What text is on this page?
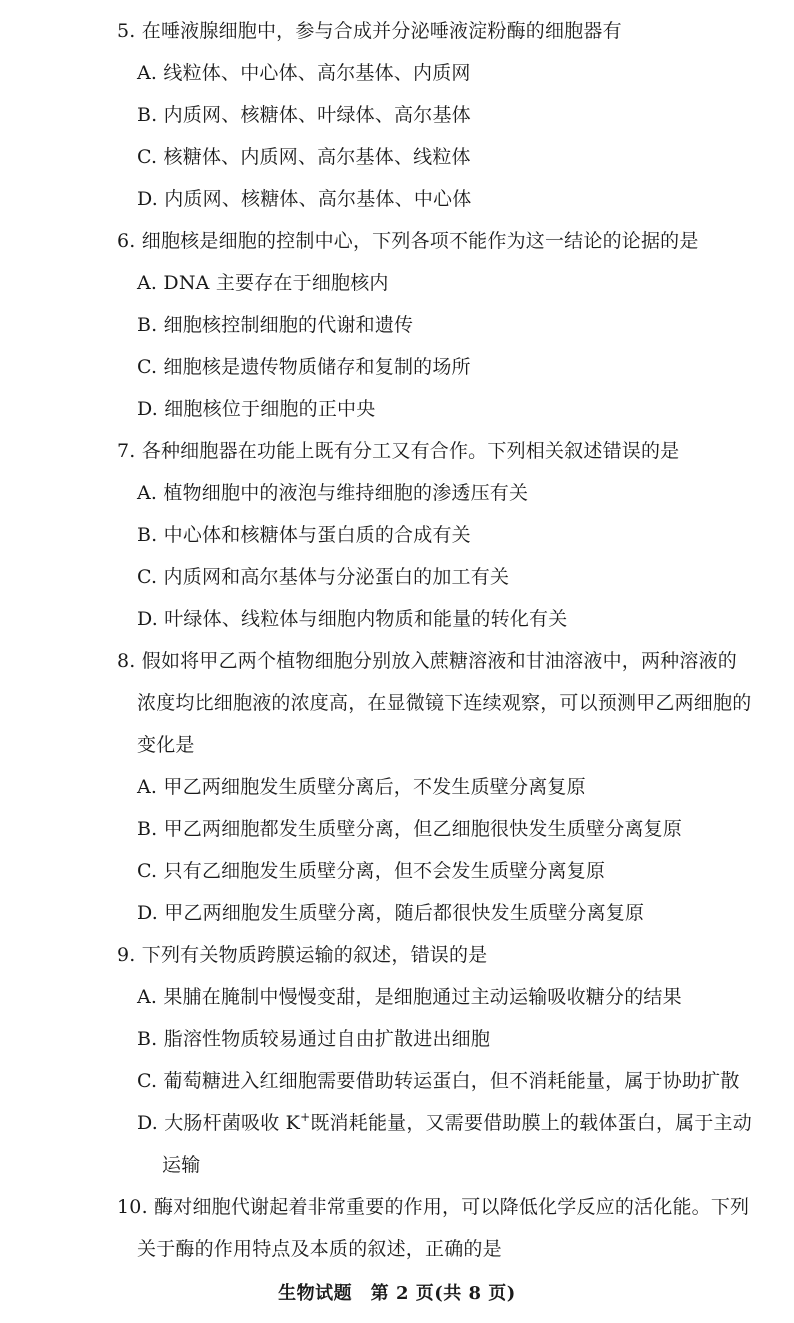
5. 在唾液腺细胞中，参与合成并分泌唾液淀粉酶的细胞器有
A. 线粒体、中心体、高尔基体、内质网
B. 内质网、核糖体、叶绿体、高尔基体
C. 核糖体、内质网、高尔基体、线粒体
D. 内质网、核糖体、高尔基体、中心体
6. 细胞核是细胞的控制中心，下列各项不能作为这一结论的论据的是
A. DNA 主要存在于细胞核内
B. 细胞核控制细胞的代谢和遗传
C. 细胞核是遗传物质储存和复制的场所
D. 细胞核位于细胞的正中央
7. 各种细胞器在功能上既有分工又有合作。下列相关叙述错误的是
A. 植物细胞中的液泡与维持细胞的渗透压有关
B. 中心体和核糖体与蛋白质的合成有关
C. 内质网和高尔基体与分泌蛋白的加工有关
D. 叶绿体、线粒体与细胞内物质和能量的转化有关
8. 假如将甲乙两个植物细胞分别放入蔗糖溶液和甘油溶液中，两种溶液的
浓度均比细胞液的浓度高，在显微镜下连续观察，可以预测甲乙两细胞的
变化是
A. 甲乙两细胞发生质壁分离后，不发生质壁分离复原
B. 甲乙两细胞都发生质壁分离，但乙细胞很快发生质壁分离复原
C. 只有乙细胞发生质壁分离，但不会发生质壁分离复原
D. 甲乙两细胞发生质壁分离，随后都很快发生质壁分离复原
9. 下列有关物质跨膜运输的叙述，错误的是
A. 果脯在腌制中慢慢变甜，是细胞通过主动运输吸收糖分的结果
B. 脂溶性物质较易通过自由扩散进出细胞
C. 葡萄糖进入红细胞需要借助转运蛋白，但不消耗能量，属于协助扩散
D. 大肠杆菌吸收 K+既消耗能量，又需要借助膜上的载体蛋白，属于主动
运输
10. 酶对细胞代谢起着非常重要的作用，可以降低化学反应的活化能。下列
关于酶的作用特点及本质的叙述，正确的是
生物试题　第 2 页(共 8 页)
